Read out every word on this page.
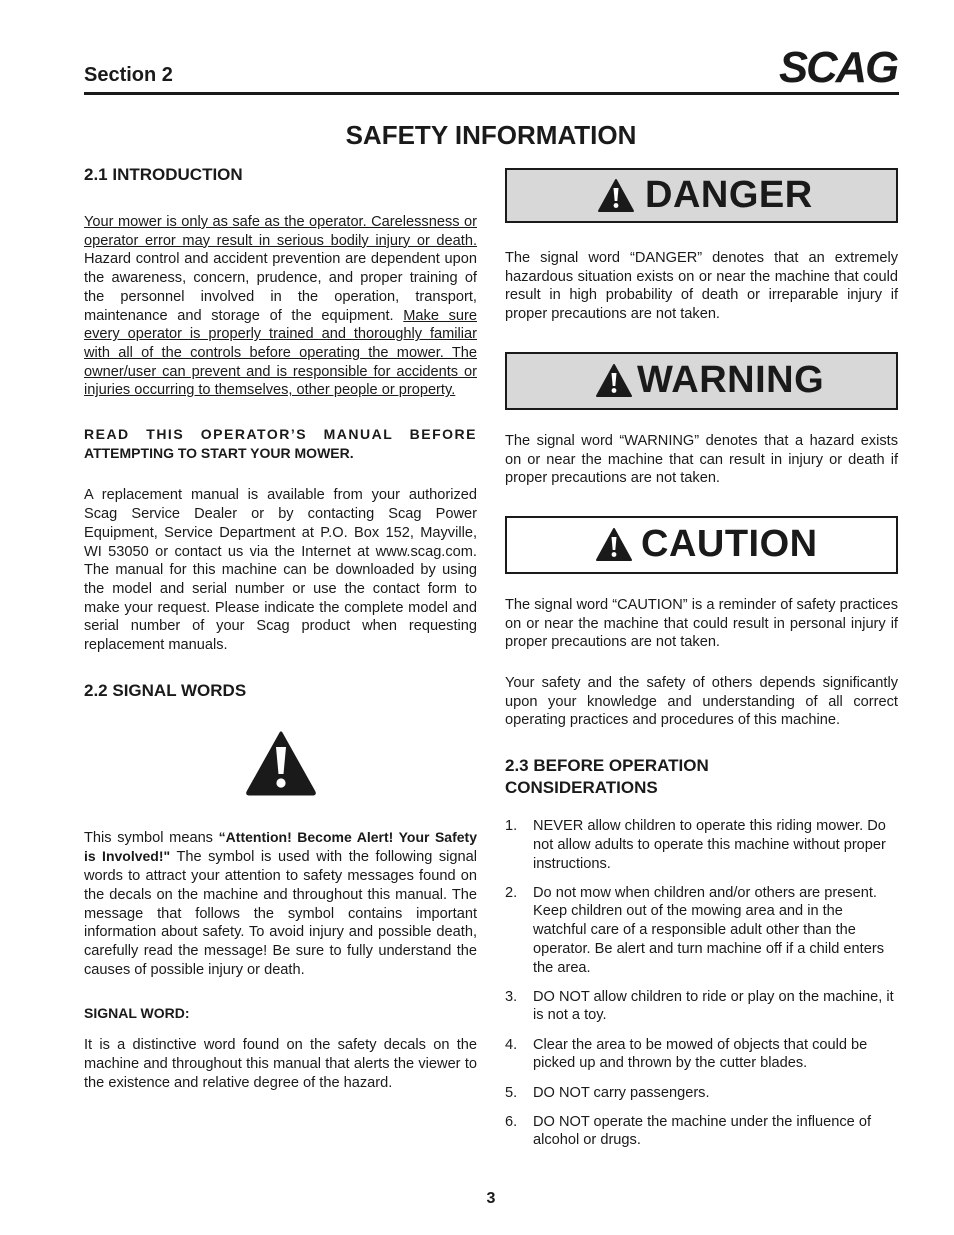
Section 2	SCAG
SAFETY INFORMATION
2.1 INTRODUCTION

Your mower is only as safe as the operator. Carelessness or operator error may result in serious bodily injury or death. Hazard control and accident prevention are dependent upon the awareness, concern, prudence, and proper training of the personnel involved in the operation, transport, maintenance and storage of the equipment. Make sure every operator is properly trained and thoroughly familiar with all of the controls before operating the mower. The owner/user can prevent and is responsible for accidents or injuries occurring to themselves, other people or property.

READ THIS OPERATOR’S MANUAL BEFORE
ATTEMPTING TO START YOUR MOWER.

A replacement manual is available from your authorized Scag Service Dealer or by contacting Scag Power Equipment, Service Department at P.O. Box 152, Mayville, WI 53050 or contact us via the Internet at www.scag.com. The manual for this machine can be downloaded by using the model and serial number or use the contact form to make your request. Please indicate the complete model and serial number of your Scag product when requesting replacement manuals.

2.2 SIGNAL WORDS

This symbol means “Attention! Become Alert! Your Safety is Involved!" The symbol is used with the following signal words to attract your attention to safety messages found on the decals on the machine and throughout this manual. The message that follows the symbol contains important information about safety. To avoid injury and possible death, carefully read the message! Be sure to fully understand the causes of possible injury or death.

SIGNAL WORD:

It is a distinctive word found on the safety decals on the machine and throughout this manual that alerts the viewer to the existence and relative degree of the hazard.

DANGER

The signal word “DANGER” denotes that an extremely hazardous situation exists on or near the machine that could result in high probability of death or irreparable injury if proper precautions are not taken.

WARNING

The signal word “WARNING” denotes that a hazard exists on or near the machine that can result in injury or death if proper precautions are not taken.

CAUTION

The signal word “CAUTION” is a reminder of safety practices on or near the machine that could result in personal injury if proper precautions are not taken.

Your safety and the safety of others depends significantly upon your knowledge and understanding of all correct operating practices and procedures of this machine.

2.3 BEFORE OPERATION
CONSIDERATIONS
1.	NEVER allow children to operate this riding mower. Do not allow adults to operate this machine without proper instructions.
2.	Do not mow when children and/or others are present. Keep children out of the mowing area and in the watchful care of a responsible adult other than the operator. Be alert and turn machine off if a child enters the area.
3.	DO NOT allow children to ride or play on the machine, it is not a toy.
4.	Clear the area to be mowed of objects that could be picked up and thrown by the cutter blades.
5.	DO NOT carry passengers.
6.	DO NOT operate the machine under the influence of alcohol or drugs.
3
